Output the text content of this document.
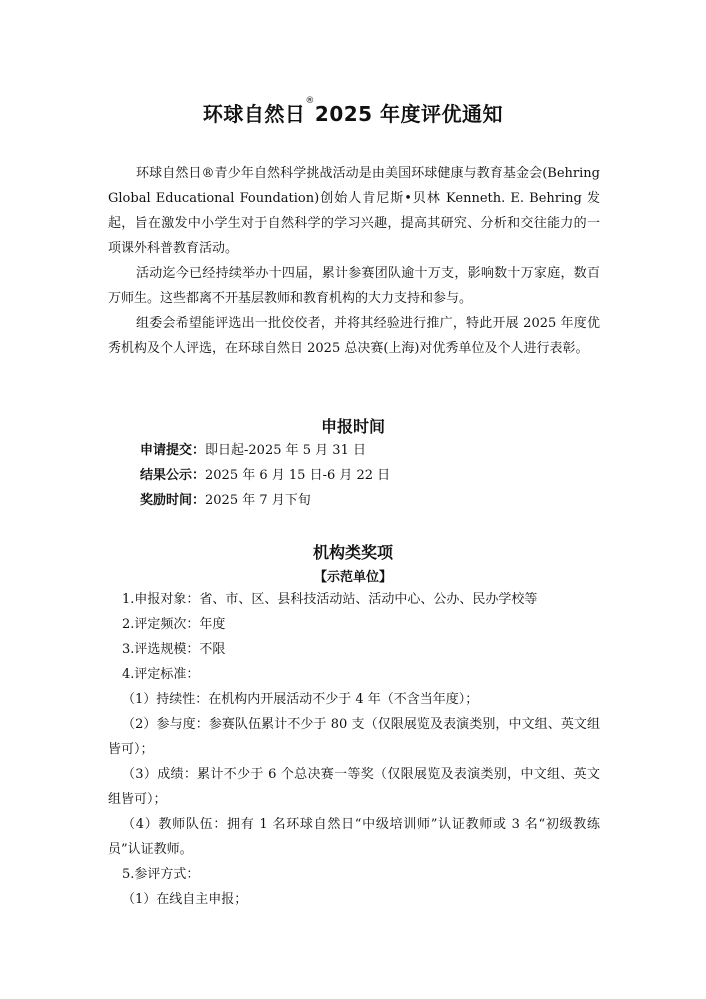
环球自然日®2025 年度评优通知
环球自然日®青少年自然科学挑战活动是由美国环球健康与教育基金会(Behring Global Educational Foundation)创始人肯尼斯•贝林 Kenneth. E. Behring 发起，旨在激发中小学生对于自然科学的学习兴趣，提高其研究、分析和交往能力的一项课外科普教育活动。
活动迄今已经持续举办十四届，累计参赛团队逾十万支，影响数十万家庭，数百万师生。这些都离不开基层教师和教育机构的大力支持和参与。
组委会希望能评选出一批佼佼者，并将其经验进行推广，特此开展 2025 年度优秀机构及个人评选，在环球自然日 2025 总决赛(上海)对优秀单位及个人进行表彰。
申报时间
申请提交：即日起-2025 年 5 月 31 日
结果公示：2025 年 6 月 15 日-6 月 22 日
奖励时间：2025 年 7 月下旬
机构类奖项
【示范单位】
1.申报对象：省、市、区、县科技活动站、活动中心、公办、民办学校等
2.评定频次：年度
3.评选规模：不限
4.评定标准：
（1）持续性：在机构内开展活动不少于 4 年（不含当年度）；
（2）参与度：参赛队伍累计不少于 80 支（仅限展览及表演类别，中文组、英文组皆可）；
（3）成绩：累计不少于 6 个总决赛一等奖（仅限展览及表演类别，中文组、英文组皆可）；
（4）教师队伍：拥有 1 名环球自然日“中级培训师”认证教师或 3 名“初级教练员”认证教师。
5.参评方式：
（1）在线自主申报；
